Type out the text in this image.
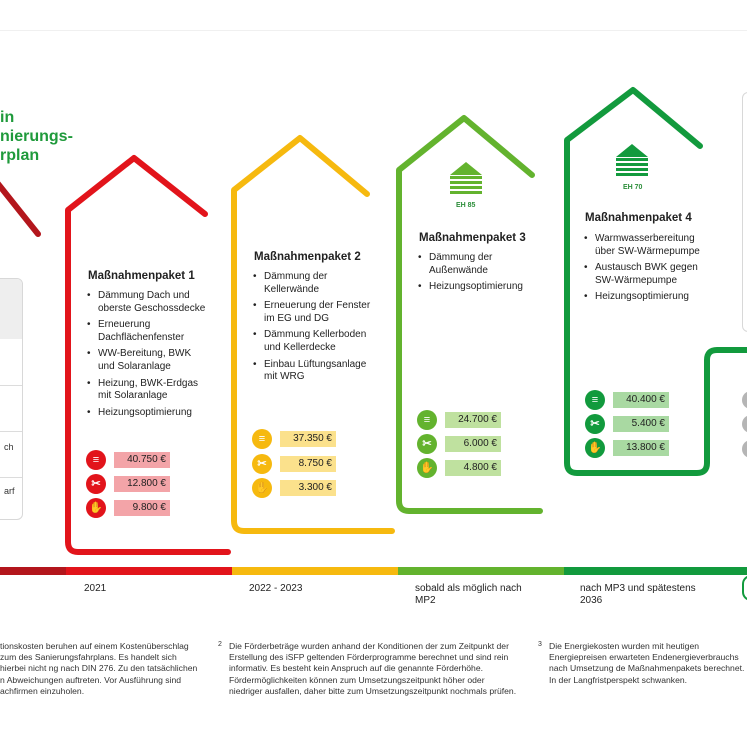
in
nierungs-
rplan
EH 85
EH 70
ch
arf
Maßnahmenpaket 1
• Dämmung Dach und oberste Geschossdecke
• Erneuerung Dachflächenfenster
• WW-Bereitung, BWK und Solaranlage
• Heizung, BWK-Erdgas mit Solaranlage
• Heizungsoptimierung
≡	40.750 €
✂	12.800 €
✋	9.800 €
Maßnahmenpaket 2
• Dämmung der Kellerwände
• Erneuerung der Fenster im EG und DG
• Dämmung Kellerboden und Kellerdecke
• Einbau Lüftungsanlage mit WRG
≡	37.350 €
✂	8.750 €
✋	3.300 €
Maßnahmenpaket 3
• Dämmung der Außenwände
• Heizungsoptimierung
≡	24.700 €
✂	6.000 €
✋	4.800 €
Maßnahmenpaket 4
• Warmwasserbereitung über SW-Wärmepumpe
• Austausch BWK gegen SW-Wärmepumpe
• Heizungsoptimierung
≡	40.400 €
✂	5.400 €
✋	13.800 €
2021	2022 - 2023	sobald als möglich nach MP2
nach MP3 und spätestens 2036
tionskosten beruhen auf einem Kostenüberschlag zum des Sanierungsfahrplans. Es handelt sich hierbei nicht ng nach DIN 276. Zu den tatsächlichen n Abweichungen auftreten. Vor Ausführung sind achfirmen einzuholen.
2 Die Förderbeträge wurden anhand der Konditionen der zum Zeitpunkt der Erstellung des iSFP geltenden Förderprogramme berechnet und sind rein informativ. Es besteht kein Anspruch auf die genannte Förderhöhe. Fördermöglichkeiten können zum Umsetzungszeitpunkt höher oder niedriger ausfallen, daher bitte zum Umsetzungszeitpunkt nochmals prüfen.
3 Die Energiekosten wurden mit heutigen Energiepreisen erwarteten Endenergieverbrauchs nach Umsetzung de Maßnahmenpakets berechnet. In der Langfristperspekt schwanken.
